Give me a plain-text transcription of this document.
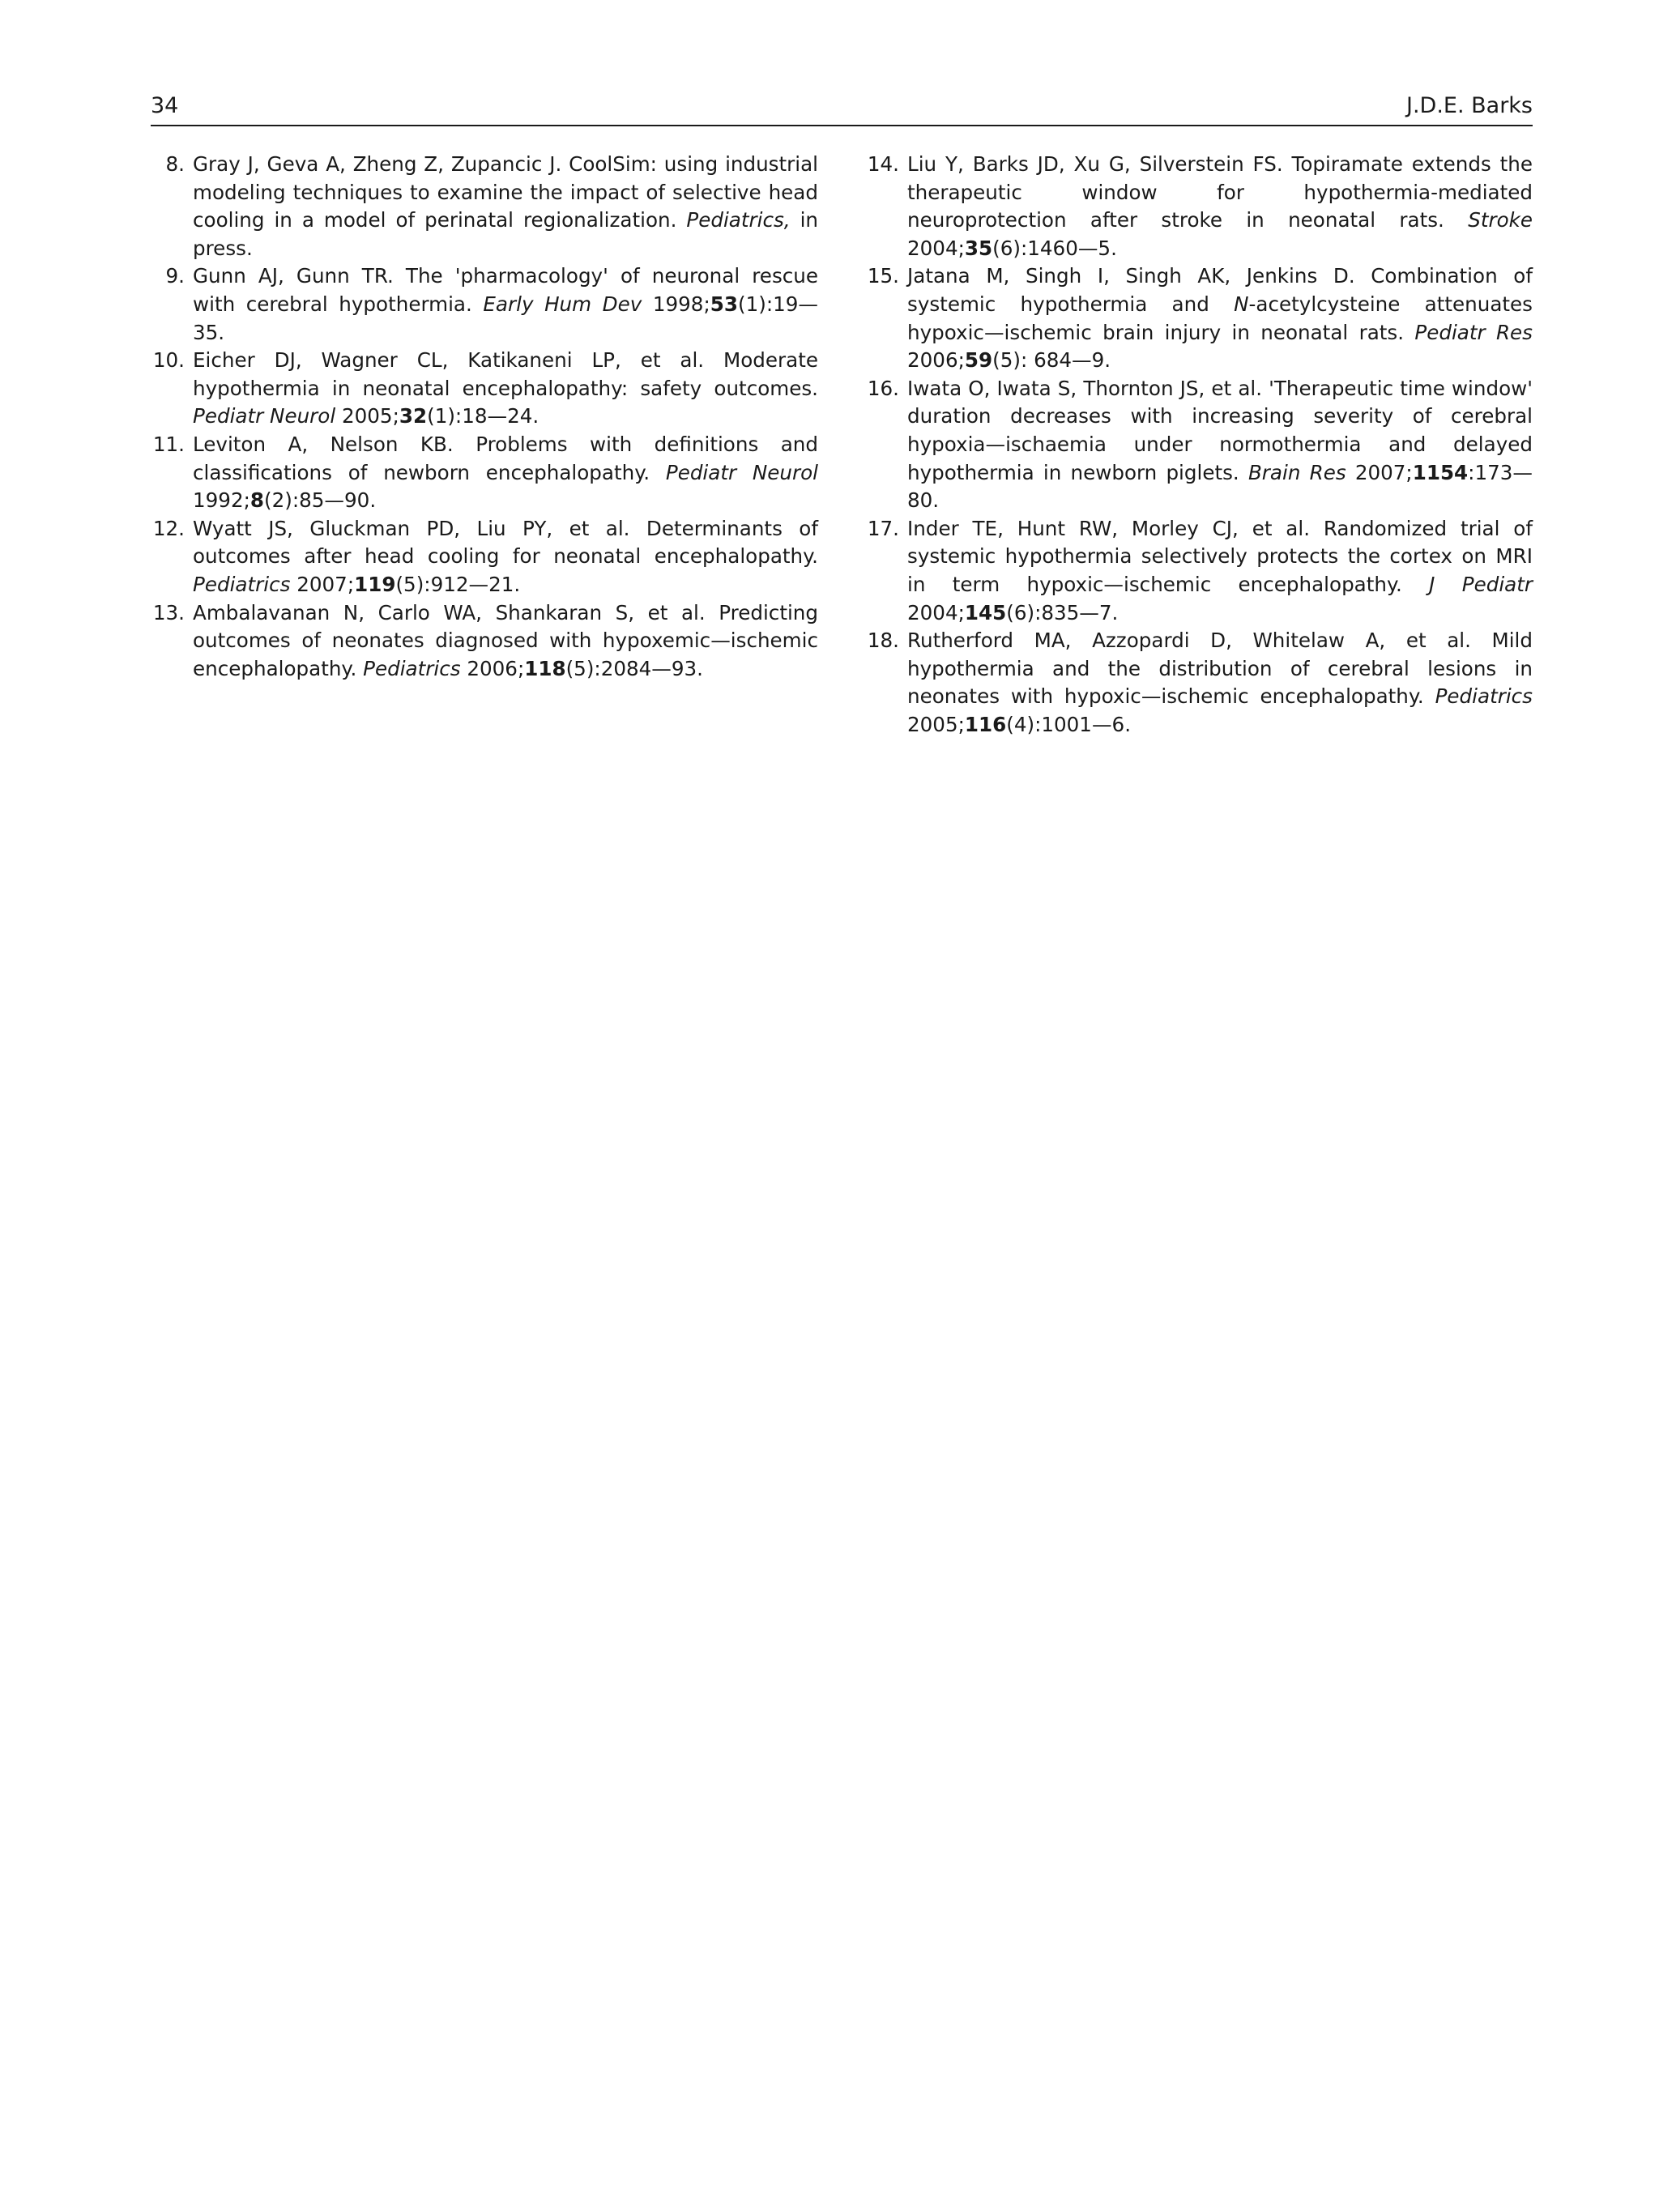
34	J.D.E. Barks
8. Gray J, Geva A, Zheng Z, Zupancic J. CoolSim: using industrial modeling techniques to examine the impact of selective head cooling in a model of perinatal regionalization. Pediatrics, in press.
9. Gunn AJ, Gunn TR. The 'pharmacology' of neuronal rescue with cerebral hypothermia. Early Hum Dev 1998;53(1):19—35.
10. Eicher DJ, Wagner CL, Katikaneni LP, et al. Moderate hypothermia in neonatal encephalopathy: safety outcomes. Pediatr Neurol 2005;32(1):18—24.
11. Leviton A, Nelson KB. Problems with definitions and classifications of newborn encephalopathy. Pediatr Neurol 1992;8(2):85—90.
12. Wyatt JS, Gluckman PD, Liu PY, et al. Determinants of outcomes after head cooling for neonatal encephalopathy. Pediatrics 2007;119(5):912—21.
13. Ambalavanan N, Carlo WA, Shankaran S, et al. Predicting outcomes of neonates diagnosed with hypoxemic—ischemic encephalopathy. Pediatrics 2006;118(5):2084—93.
14. Liu Y, Barks JD, Xu G, Silverstein FS. Topiramate extends the therapeutic window for hypothermia-mediated neuroprotection after stroke in neonatal rats. Stroke 2004;35(6):1460—5.
15. Jatana M, Singh I, Singh AK, Jenkins D. Combination of systemic hypothermia and N-acetylcysteine attenuates hypoxic—ischemic brain injury in neonatal rats. Pediatr Res 2006;59(5): 684—9.
16. Iwata O, Iwata S, Thornton JS, et al. 'Therapeutic time window' duration decreases with increasing severity of cerebral hypoxia—ischaemia under normothermia and delayed hypothermia in newborn piglets. Brain Res 2007;1154:173—80.
17. Inder TE, Hunt RW, Morley CJ, et al. Randomized trial of systemic hypothermia selectively protects the cortex on MRI in term hypoxic—ischemic encephalopathy. J Pediatr 2004;145(6):835—7.
18. Rutherford MA, Azzopardi D, Whitelaw A, et al. Mild hypothermia and the distribution of cerebral lesions in neonates with hypoxic—ischemic encephalopathy. Pediatrics 2005;116(4):1001—6.
